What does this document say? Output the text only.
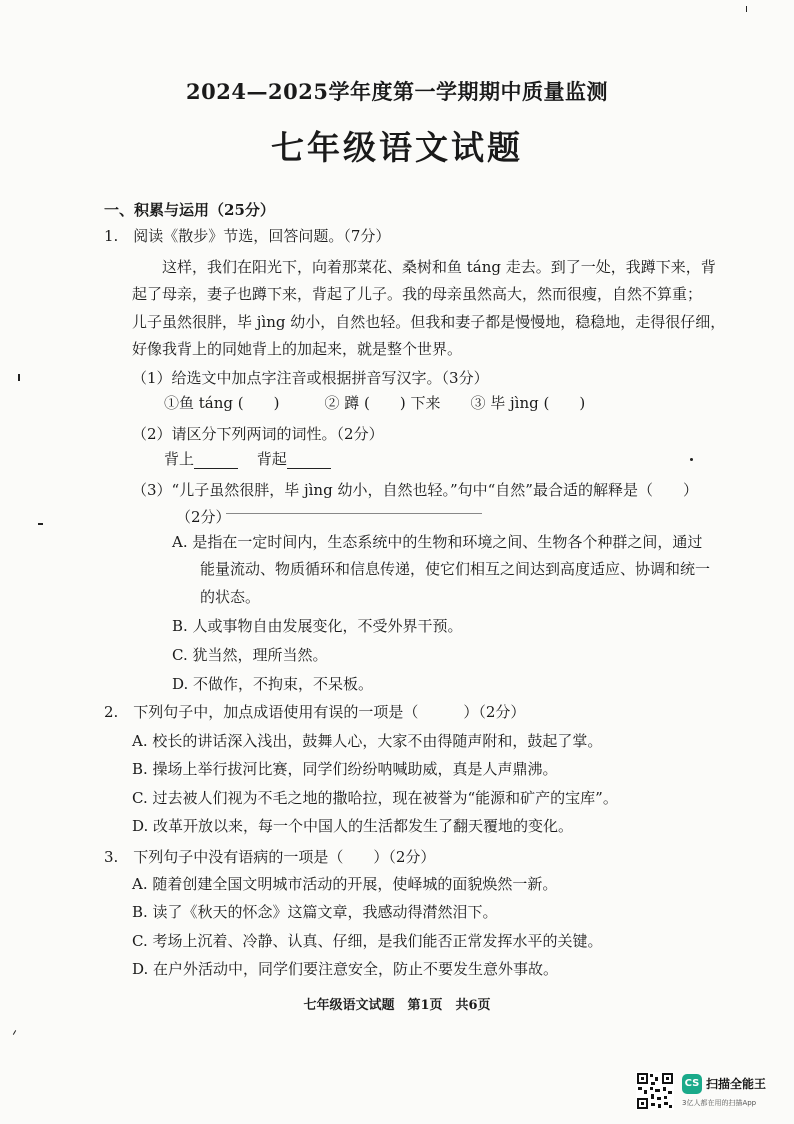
2024—2025学年度第一学期期中质量监测
七年级语文试题
一、积累与运用（25分）
1.　阅读《散步》节选，回答问题。（7分）
　　这样，我们在阳光下，向着那菜花、桑树和鱼 táng 走去。到了一处，我蹲下来，背
起了母亲，妻子也蹲下来，背起了儿子。我的母亲虽然高大，然而很瘦，自然不算重；
儿子虽然很胖，毕 jìng 幼小，自然也轻。但我和妻子都是慢慢地，稳稳地，走得很仔细，
好像我背上的同她背上的加起来，就是整个世界。
（1）给选文中加点字注音或根据拼音写汉字。（3分）
①鱼 táng (　　)　　　② 蹲 (　　) 下来　　③ 毕 jìng (　　)
（2）请区分下列两词的词性。（2分）
背上	背起
（3）“儿子虽然很胖，毕 jìng 幼小，自然也轻。”句中“自然”最合适的解释是（　　）
（2分）
A. 是指在一定时间内，生态系统中的生物和环境之间、生物各个种群之间，通过
能量流动、物质循环和信息传递，使它们相互之间达到高度适应、协调和统一
的状态。
B. 人或事物自由发展变化，不受外界干预。
C. 犹当然，理所当然。
D. 不做作，不拘束，不呆板。
2.　下列句子中，加点成语使用有误的一项是（　　　）（2分）
A. 校长的讲话深入浅出，鼓舞人心，大家不由得随声附和，鼓起了掌。
B. 操场上举行拔河比赛，同学们纷纷呐喊助威，真是人声鼎沸。
C. 过去被人们视为不毛之地的撒哈拉，现在被誉为“能源和矿产的宝库”。
D. 改革开放以来，每一个中国人的生活都发生了翻天覆地的变化。
3.　下列句子中没有语病的一项是（　　）（2分）
A. 随着创建全国文明城市活动的开展，使峄城的面貌焕然一新。
B. 读了《秋天的怀念》这篇文章，我感动得潸然泪下。
C. 考场上沉着、冷静、认真、仔细，是我们能否正常发挥水平的关键。
D. 在户外活动中，同学们要注意安全，防止不要发生意外事故。
七年级语文试题　第1页　共6页
CS 扫描全能王
3亿人都在用的扫描App
